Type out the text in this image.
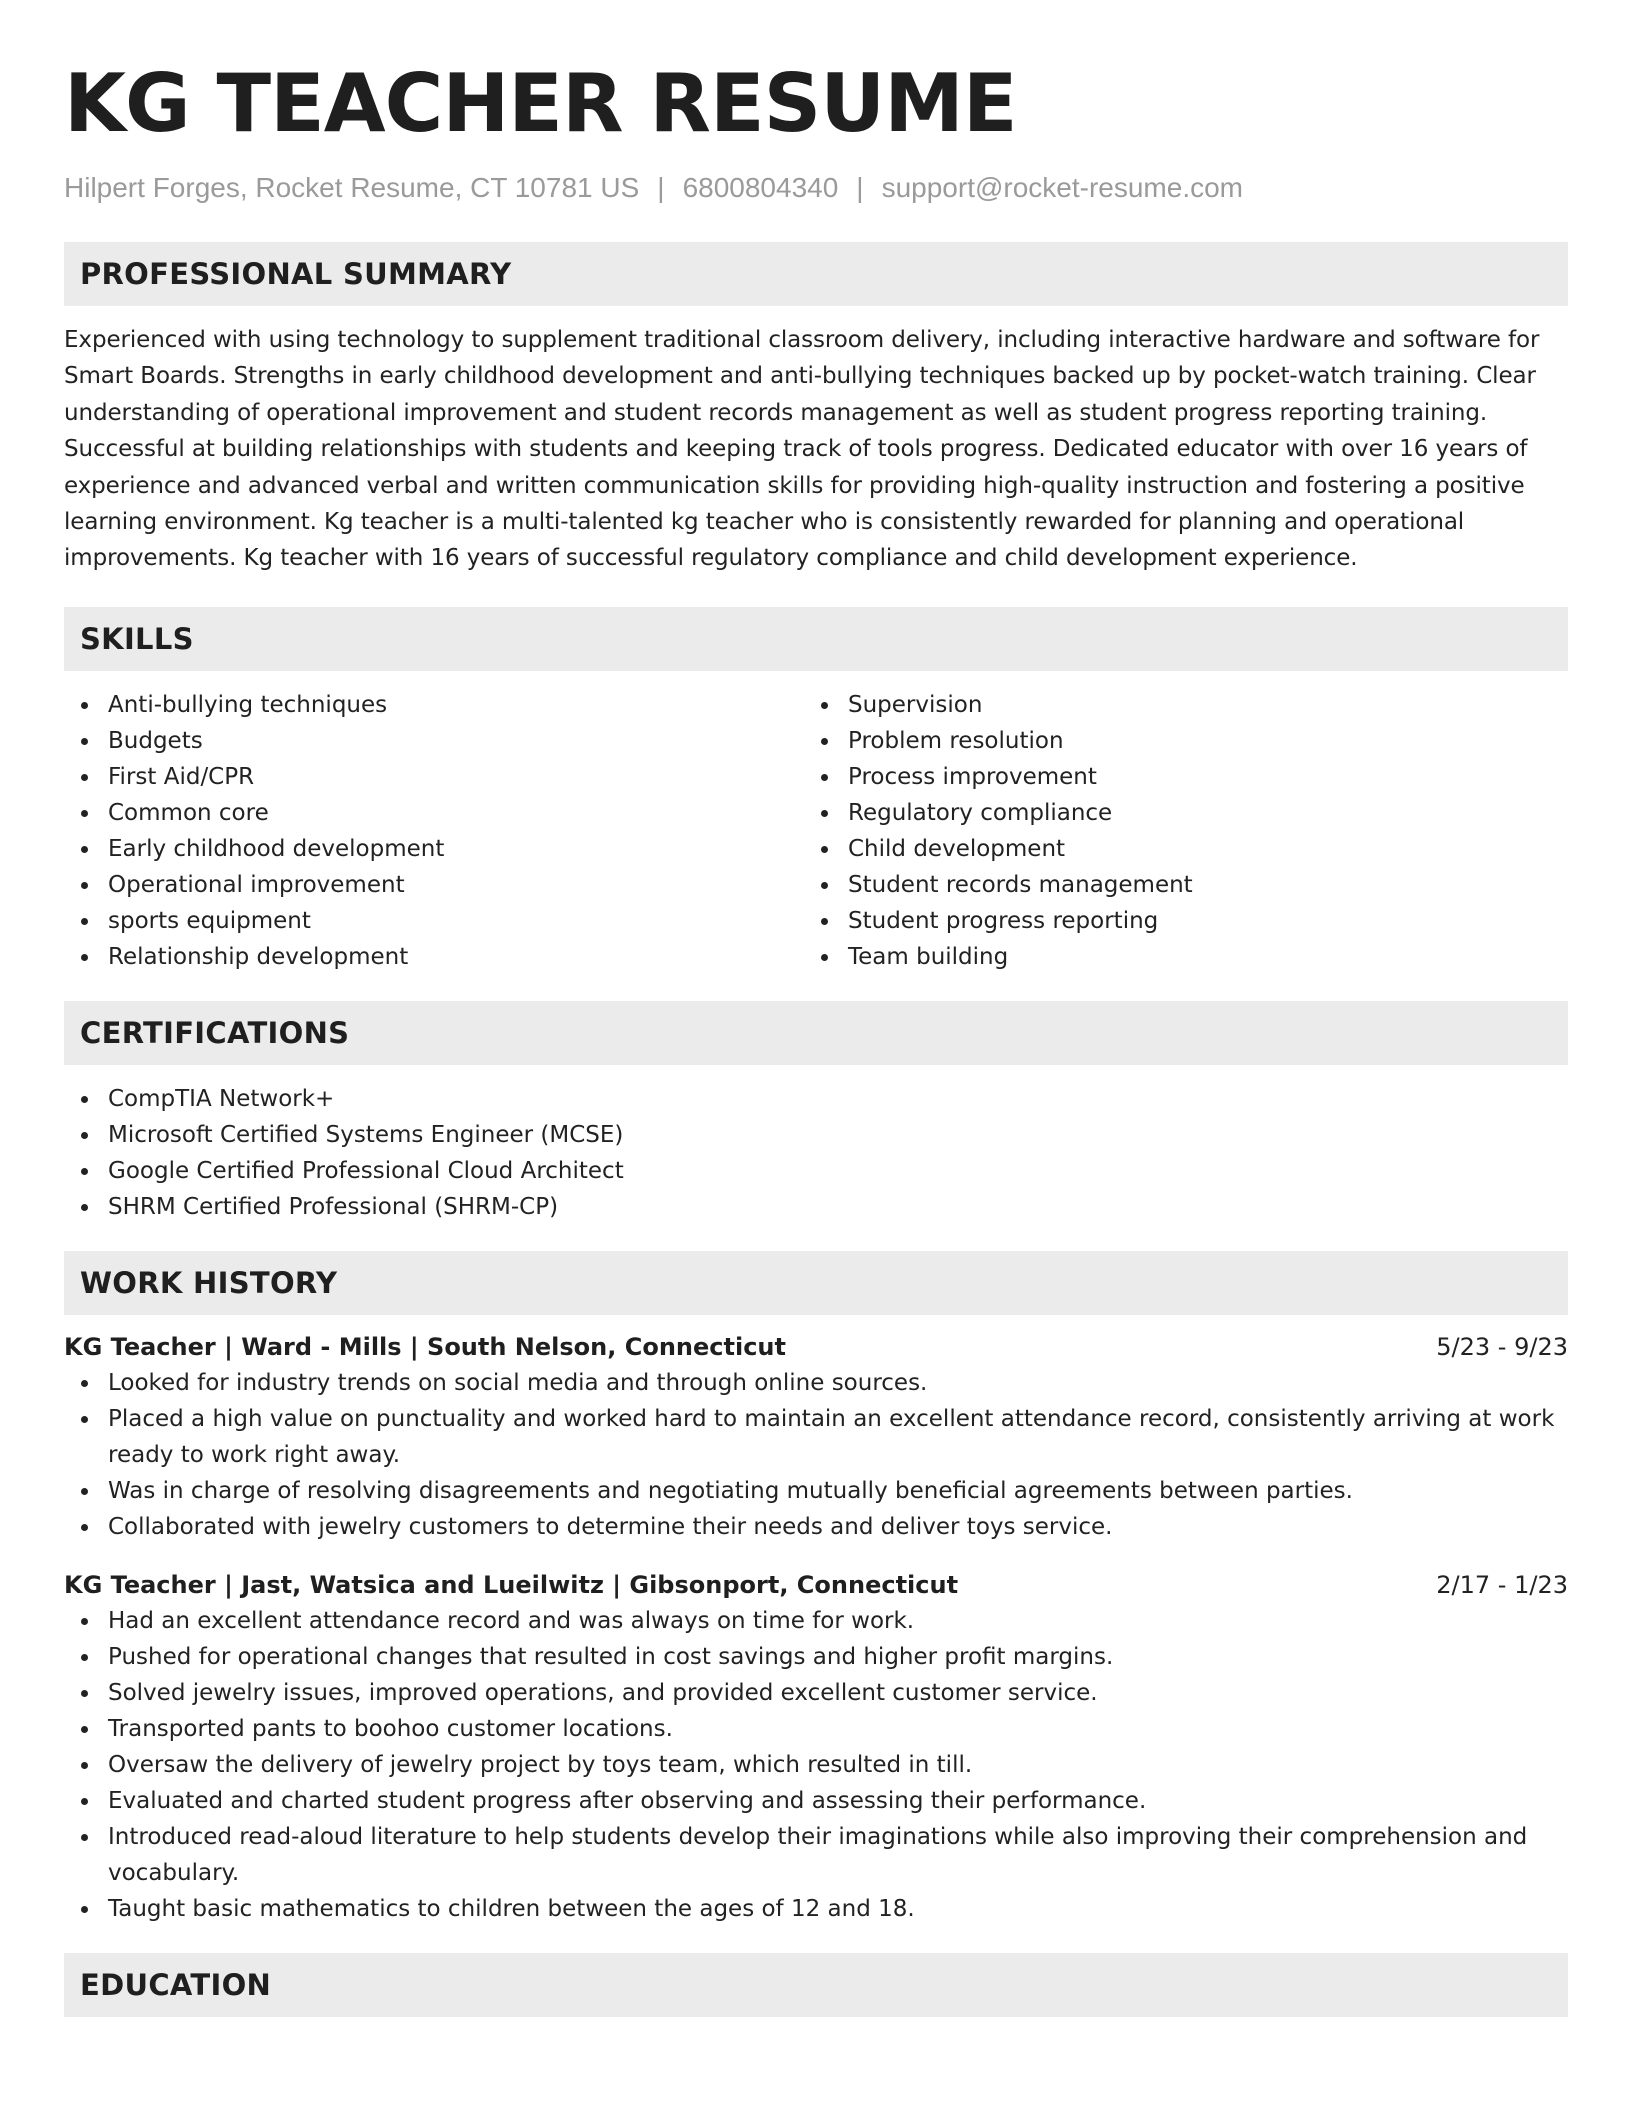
KG TEACHER RESUME
Hilpert Forges, Rocket Resume, CT 10781 US | 6800804340 | support@rocket-resume.com
PROFESSIONAL SUMMARY

Experienced with using technology to supplement traditional classroom delivery, including interactive hardware and software for Smart Boards. Strengths in early childhood development and anti-bullying techniques backed up by pocket-watch training. Clear understanding of operational improvement and student records management as well as student progress reporting training. Successful at building relationships with students and keeping track of tools progress. Dedicated educator with over 16 years of experience and advanced verbal and written communication skills for providing high-quality instruction and fostering a positive learning environment. Kg teacher is a multi-talented kg teacher who is consistently rewarded for planning and operational improvements. Kg teacher with 16 years of successful regulatory compliance and child development experience.

SKILLS
Anti-bullying techniques
Budgets
First Aid/CPR
Common core
Early childhood development
Operational improvement
sports equipment
Relationship development
Supervision
Problem resolution
Process improvement
Regulatory compliance
Child development
Student records management
Student progress reporting
Team building
CERTIFICATIONS
CompTIA Network+
Microsoft Certified Systems Engineer (MCSE)
Google Certified Professional Cloud Architect
SHRM Certified Professional (SHRM-CP)
WORK HISTORY
KG Teacher | Ward - Mills | South Nelson, Connecticut	5/23 - 9/23
Looked for industry trends on social media and through online sources.
Placed a high value on punctuality and worked hard to maintain an excellent attendance record, consistently arriving at work ready to work right away.
Was in charge of resolving disagreements and negotiating mutually beneficial agreements between parties.
Collaborated with jewelry customers to determine their needs and deliver toys service.
KG Teacher | Jast, Watsica and Lueilwitz | Gibsonport, Connecticut	2/17 - 1/23
Had an excellent attendance record and was always on time for work.
Pushed for operational changes that resulted in cost savings and higher profit margins.
Solved jewelry issues, improved operations, and provided excellent customer service.
Transported pants to boohoo customer locations.
Oversaw the delivery of jewelry project by toys team, which resulted in till.
Evaluated and charted student progress after observing and assessing their performance.
Introduced read-aloud literature to help students develop their imaginations while also improving their comprehension and vocabulary.
Taught basic mathematics to children between the ages of 12 and 18.
EDUCATION
